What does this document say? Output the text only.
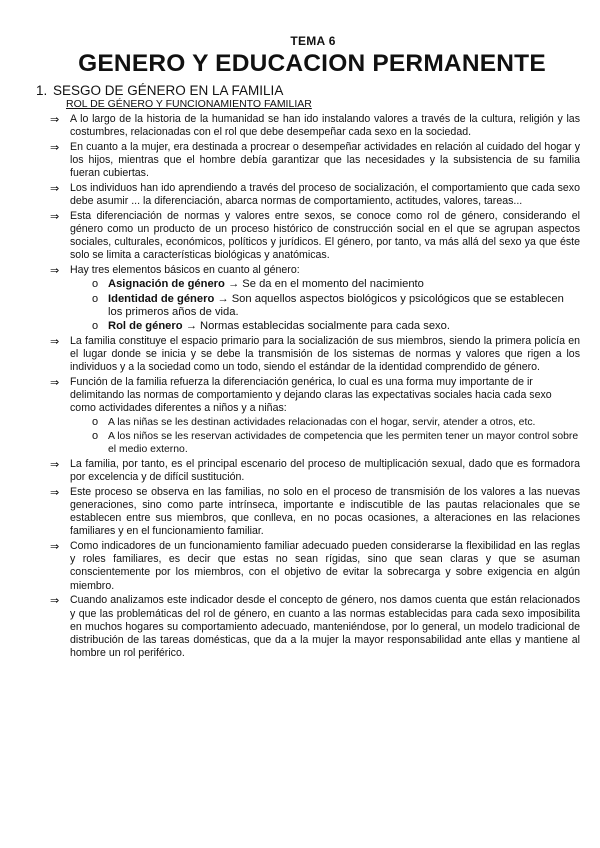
TEMA 6
GENERO Y EDUCACION PERMANENTE
1. SESGO DE GÉNERO EN LA FAMILIA
ROL DE GÉNERO Y FUNCIONAMIENTO FAMILIAR
⇒ A lo largo de la historia de la humanidad se han ido instalando valores a través de la cultura, religión y las costumbres, relacionadas con el rol que debe desempeñar cada sexo en la sociedad.
⇒ En cuanto a la mujer, era destinada a procrear o desempeñar actividades en relación al cuidado del hogar y los hijos, mientras que el hombre debía garantizar que las necesidades y la subsistencia de su familia fueran cubiertas.
⇒ Los individuos han ido aprendiendo a través del proceso de socialización, el comportamiento que cada sexo debe asumir ... la diferenciación, abarca normas de comportamiento, actitudes, valores, tareas...
⇒ Esta diferenciación de normas y valores entre sexos, se conoce como rol de género, considerando el género como un producto de un proceso histórico de construcción social en el que se agrupan aspectos sociales, culturales, económicos, políticos y jurídicos. El género, por tanto, va más allá del sexo ya que éste solo se limita a características biológicas y anatómicas.
⇒ Hay tres elementos básicos en cuanto al género:
o Asignación de género → Se da en el momento del nacimiento
o Identidad de género → Son aquellos aspectos biológicos y psicológicos que se establecen los primeros años de vida.
o Rol de género → Normas establecidas socialmente para cada sexo.
⇒ La familia constituye el espacio primario para la socialización de sus miembros, siendo la primera policía en el lugar donde se inicia y se debe la transmisión de los sistemas de normas y valores que rigen a los individuos y a la sociedad como un todo, siendo el estándar de la identidad comprendido de género.
⇒ Función de la familia refuerza la diferenciación genérica, lo cual es una forma muy importante de ir delimitando las normas de comportamiento y dejando claras las expectativas sociales hacia cada sexo como actividades diferentes a niños y a niñas:
o A las niñas se les destinan actividades relacionadas con el hogar, servir, atender a otros, etc.
o A los niños se les reservan actividades de competencia que les permiten tener un mayor control sobre el medio externo.
⇒ La familia, por tanto, es el principal escenario del proceso de multiplicación sexual, dado que es formadora por excelencia y de difícil sustitución.
⇒ Este proceso se observa en las familias, no solo en el proceso de transmisión de los valores a las nuevas generaciones, sino como parte intrínseca, importante e indiscutible de las pautas relacionales que se establecen entre sus miembros, que conlleva, en no pocas ocasiones, a alteraciones en las relaciones familiares y en el funcionamiento familiar.
⇒ Como indicadores de un funcionamiento familiar adecuado pueden considerarse la flexibilidad en las reglas y roles familiares, es decir que estas no sean rígidas, sino que sean claras y que se asuman conscientemente por los miembros, con el objetivo de evitar la sobrecarga y sobre exigencia en algún miembro.
⇒ Cuando analizamos este indicador desde el concepto de género, nos damos cuenta que están relacionados y que las problemáticas del rol de género, en cuanto a las normas establecidas para cada sexo imposibilita en muchos hogares su comportamiento adecuado, manteniéndose, por lo general, un modelo tradicional de distribución de las tareas domésticas, que da a la mujer la mayor responsabilidad ante ellas y mantiene al hombre un rol periférico.
